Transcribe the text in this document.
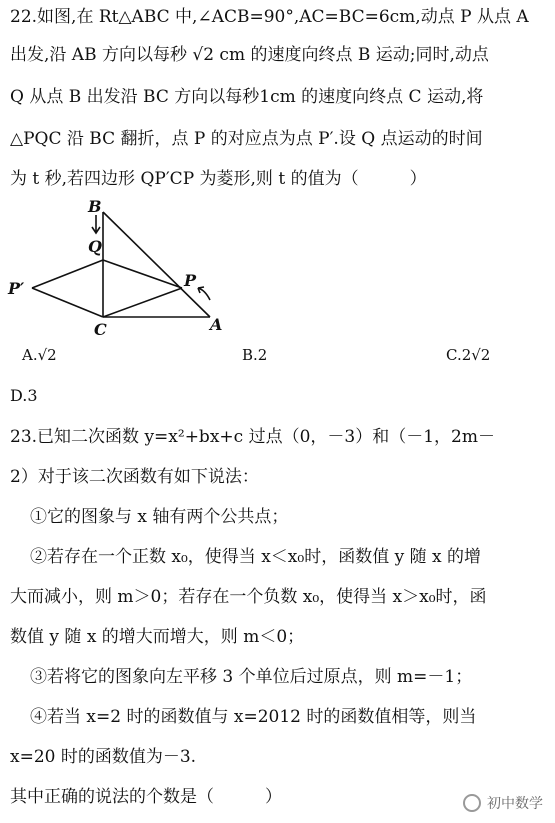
22.如图,在 Rt△ABC 中,∠ACB=90°,AC=BC=6cm,动点 P 从点 A
出发,沿 AB 方向以每秒 √2 cm 的速度向终点 B 运动;同时,动点
Q 从点 B 出发沿 BC 方向以每秒1cm 的速度向终点 C 运动,将
△PQC 沿 BC 翻折，点 P 的对应点为点 P′.设 Q 点运动的时间
为 t 秒,若四边形 QP′CP 为菱形,则 t 的值为（　　　）
B
Q
P′	P
C	A
A.√2	B.2	C.2√2
D.3
23.已知二次函数 y=x²+bx+c 过点（0，－3）和（－1，2m－
2）对于该二次函数有如下说法：
①它的图象与 x 轴有两个公共点；
②若存在一个正数 x₀，使得当 x＜x₀时，函数值 y 随 x 的增
大而减小，则 m＞0；若存在一个负数 x₀，使得当 x＞x₀时，函
数值 y 随 x 的增大而增大，则 m＜0；
③若将它的图象向左平移 3 个单位后过原点，则 m=－1；
④若当 x=2 时的函数值与 x=2012 时的函数值相等，则当
x=20 时的函数值为－3.
其中正确的说法的个数是（　　　）	初中数学
